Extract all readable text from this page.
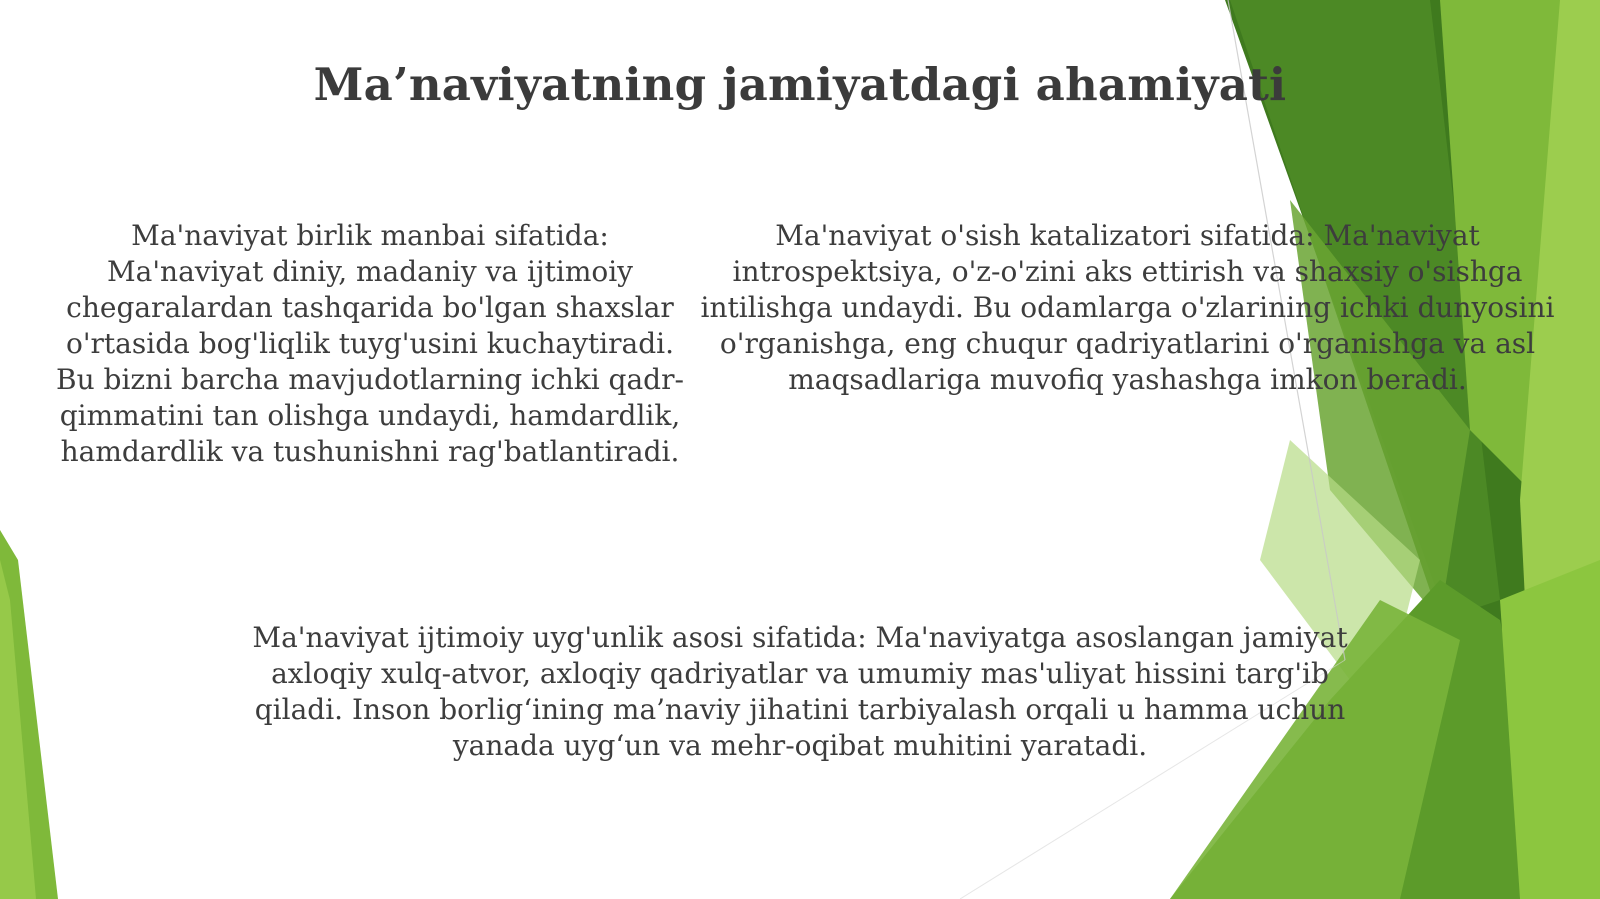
Ma’naviyatning jamiyatdagi ahamiyati

Ma'naviyat birlik manbai sifatida: Ma'naviyat diniy, madaniy va ijtimoiy chegaralardan tashqarida bo'lgan shaxslar o'rtasida bog'liqlik tuyg'usini kuchaytiradi. Bu bizni barcha mavjudotlarning ichki qadr-qimmatini tan olishga undaydi, hamdardlik, hamdardlik va tushunishni rag'batlantiradi.

Ma'naviyat o'sish katalizatori sifatida: Ma'naviyat introspektsiya, o'z-o'zini aks ettirish va shaxsiy o'sishga intilishga undaydi. Bu odamlarga o'zlarining ichki dunyosini o'rganishga, eng chuqur qadriyatlarini o'rganishga va asl maqsadlariga muvofiq yashashga imkon beradi.

Ma'naviyat ijtimoiy uyg'unlik asosi sifatida: Ma'naviyatga asoslangan jamiyat axloqiy xulq-atvor, axloqiy qadriyatlar va umumiy mas'uliyat hissini targ'ib qiladi. Inson borlig‘ining ma’naviy jihatini tarbiyalash orqali u hamma uchun yanada uyg‘un va mehr-oqibat muhitini yaratadi.
